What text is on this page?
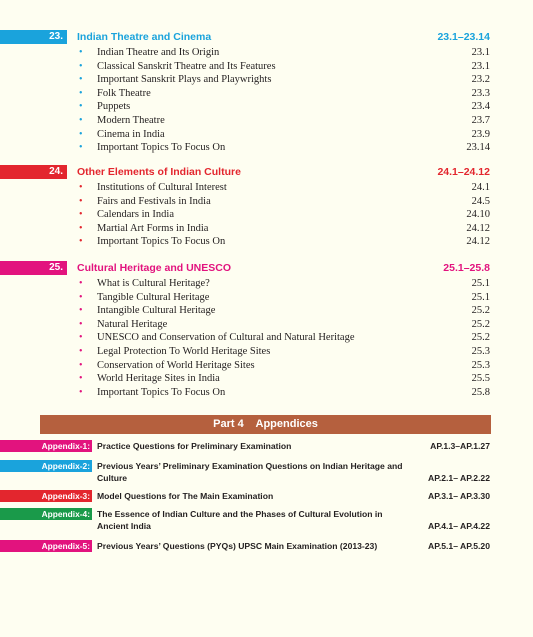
23. Indian Theatre and Cinema	23.1–23.14
• Indian Theatre and Its Origin	23.1
• Classical Sanskrit Theatre and Its Features	23.1
• Important Sanskrit Plays and Playwrights	23.2
• Folk Theatre	23.3
• Puppets	23.4
• Modern Theatre	23.7
• Cinema in India	23.9
• Important Topics To Focus On	23.14
24. Other Elements of Indian Culture	24.1–24.12
• Institutions of Cultural Interest	24.1
• Fairs and Festivals in India	24.5
• Calendars in India	24.10
• Martial Art Forms in India	24.12
• Important Topics To Focus On	24.12
25. Cultural Heritage and UNESCO	25.1–25.8
• What is Cultural Heritage?	25.1
• Tangible Cultural Heritage	25.1
• Intangible Cultural Heritage	25.2
• Natural Heritage	25.2
• UNESCO and Conservation of Cultural and Natural Heritage	25.2
• Legal Protection To World Heritage Sites	25.3
• Conservation of World Heritage Sites	25.3
• World Heritage Sites in India	25.5
• Important Topics To Focus On	25.8
Part 4    Appendices
Appendix-1: Practice Questions for Preliminary Examination	AP.1.3–AP.1.27
Appendix-2: Previous Years’ Preliminary Examination Questions on Indian Heritage and Culture	AP.2.1– AP.2.22
Appendix-3: Model Questions for The Main Examination	AP.3.1– AP.3.30
Appendix-4: The Essence of Indian Culture and the Phases of Cultural Evolution in Ancient India	AP.4.1– AP.4.22
Appendix-5: Previous Years’ Questions (PYQs) UPSC Main Examination (2013-23)	AP.5.1– AP.5.20
